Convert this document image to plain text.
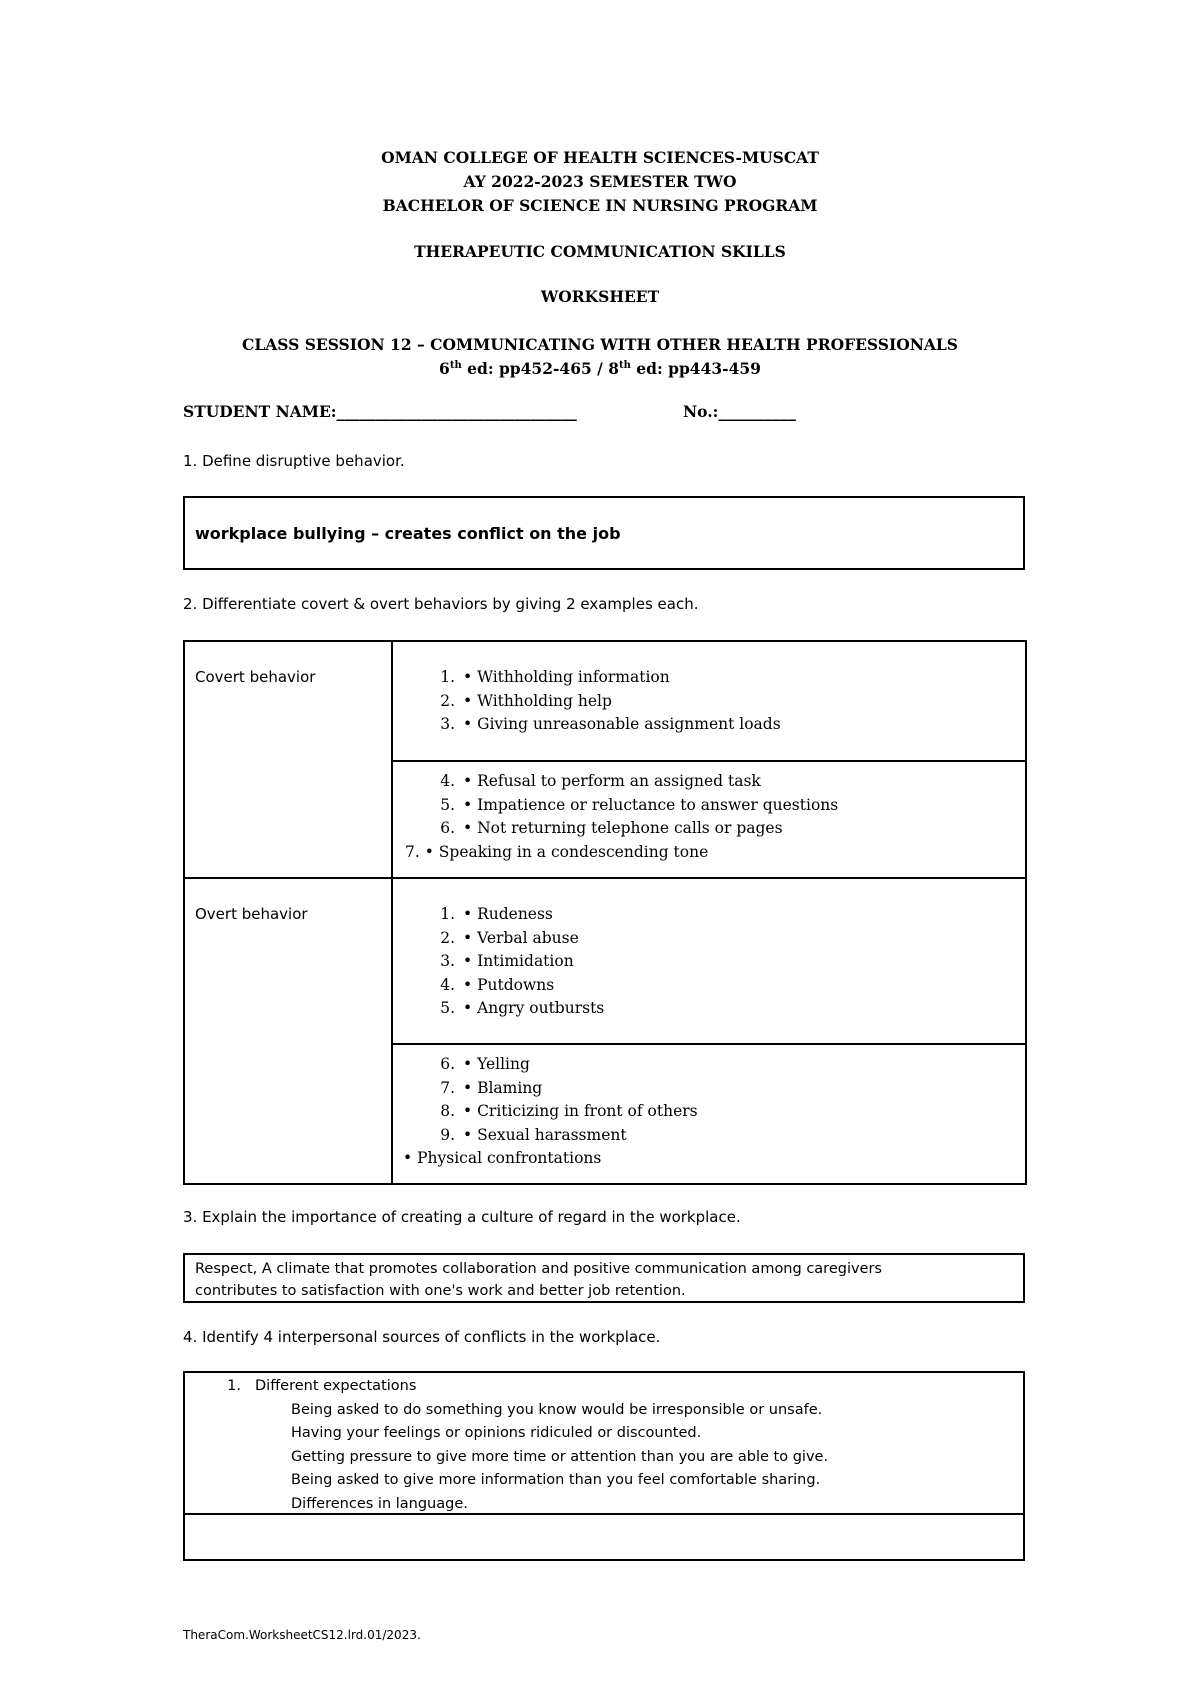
OMAN COLLEGE OF HEALTH SCIENCES-MUSCAT
AY 2022-2023 SEMESTER TWO
BACHELOR OF SCIENCE IN NURSING PROGRAM
THERAPEUTIC COMMUNICATION SKILLS
WORKSHEET
CLASS SESSION 12 – COMMUNICATING WITH OTHER HEALTH PROFESSIONALS
6th ed: pp452-465 / 8th ed: pp443-459
STUDENT NAME:_______________________________	No.:__________
1. Define disruptive behavior.
workplace bullying – creates conflict on the job
2. Differentiate covert & overt behaviors by giving 2 examples each.
Covert behavior	1. • Withholding information
2. • Withholding help
3. • Giving unreasonable assignment loads

	4. • Refusal to perform an assigned task
5. • Impatience or reluctance to answer questions
6. • Not returning telephone calls or pages
7. • Speaking in a condescending tone

Overt behavior	1. • Rudeness
2. • Verbal abuse
3. • Intimidation
4. • Putdowns
5. • Angry outbursts

	6. • Yelling
7. • Blaming
8. • Criticizing in front of others
9. • Sexual harassment
• Physical confrontations
3. Explain the importance of creating a culture of regard in the workplace.
Respect, A climate that promotes collaboration and positive communication among caregivers
contributes to satisfaction with one's work and better job retention.
4. Identify 4 interpersonal sources of conflicts in the workplace.
1. Different expectations
Being asked to do something you know would be irresponsible or unsafe.
Having your feelings or opinions ridiculed or discounted.
Getting pressure to give more time or attention than you are able to give.
Being asked to give more information than you feel comfortable sharing.
Differences in language.
TheraCom.WorksheetCS12.lrd.01/2023.
